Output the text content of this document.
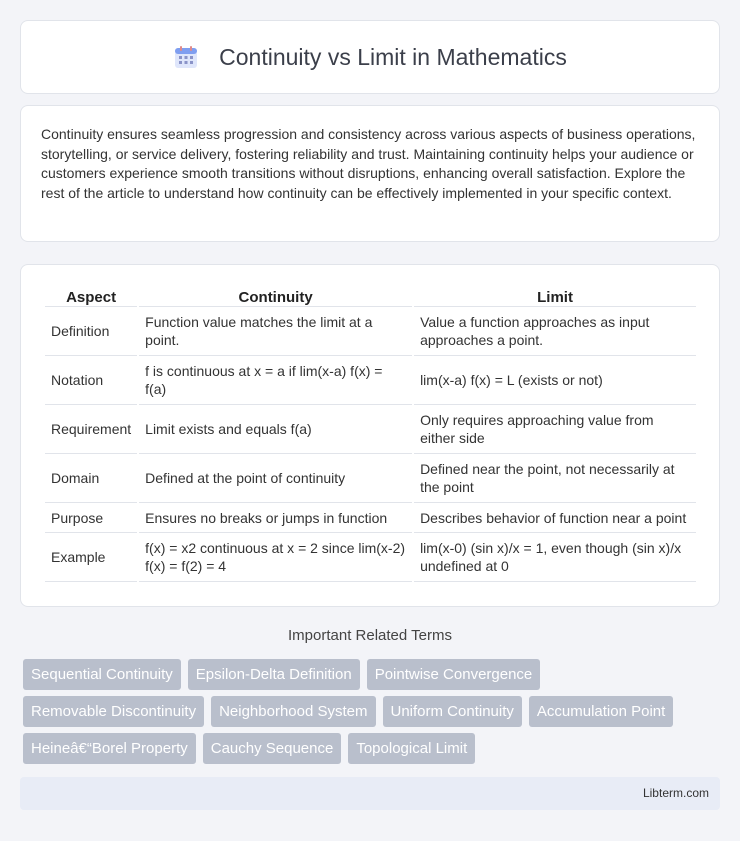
Continuity vs Limit in Mathematics

Continuity ensures seamless progression and consistency across various aspects of business operations, storytelling, or service delivery, fostering reliability and trust. Maintaining continuity helps your audience or customers experience smooth transitions without disruptions, enhancing overall satisfaction. Explore the rest of the article to understand how continuity can be effectively implemented in your specific context.

Aspect	Continuity	Limit
Definition	Function value matches the limit at a point.	Value a function approaches as input approaches a point.
Notation	f is continuous at x = a if lim(x-a) f(x) = f(a)	lim(x-a) f(x) = L (exists or not)
Requirement	Limit exists and equals f(a)	Only requires approaching value from either side
Domain	Defined at the point of continuity	Defined near the point, not necessarily at the point
Purpose	Ensures no breaks or jumps in function	Describes behavior of function near a point
Example	f(x) = x2 continuous at x = 2 since lim(x-2) f(x) = f(2) = 4	lim(x-0) (sin x)/x = 1, even though (sin x)/x undefined at 0
Important Related Terms
Sequential Continuity	Epsilon-Delta Definition	Pointwise Convergence
Removable Discontinuity	Neighborhood System	Uniform Continuity	Accumulation Point
Heineâ€“Borel Property	Cauchy Sequence	Topological Limit
Libterm.com
